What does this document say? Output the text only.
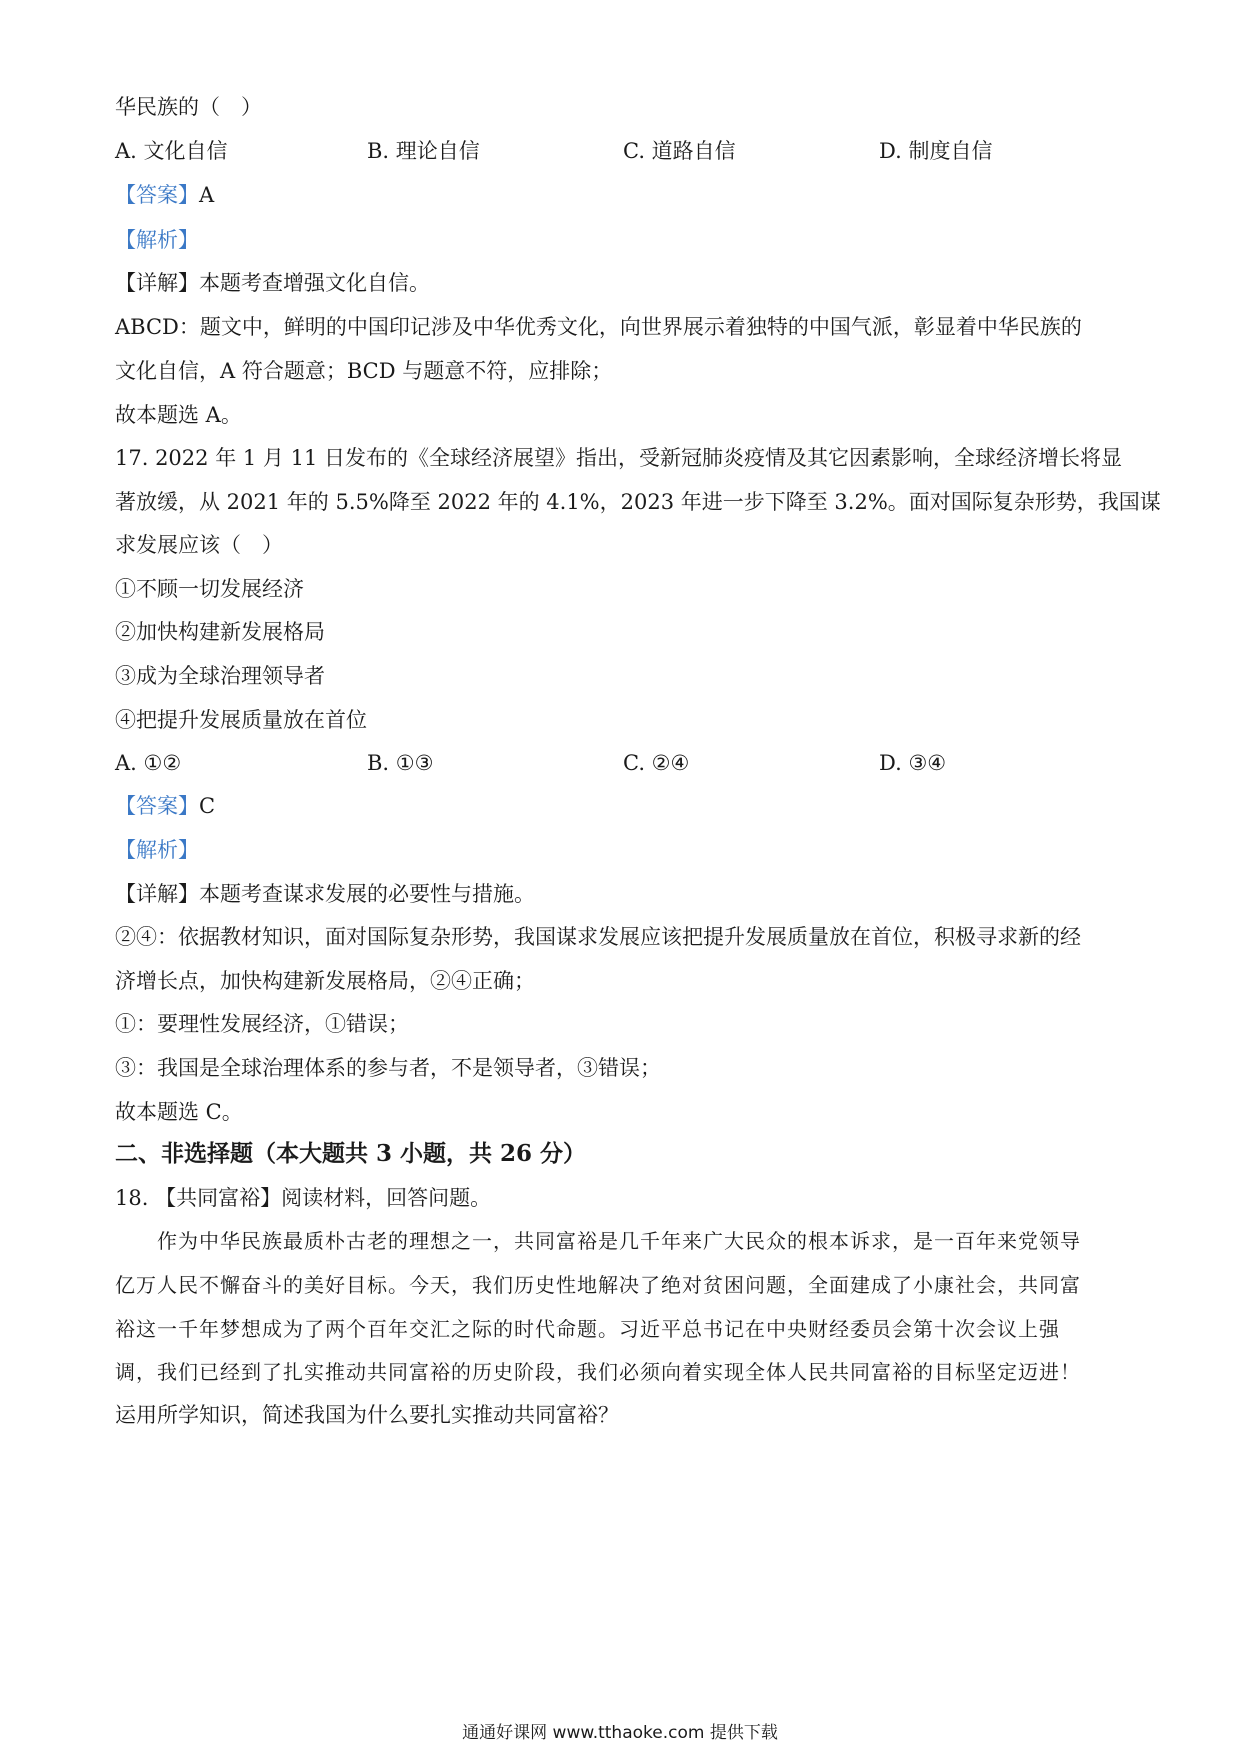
华民族的（　）
A. 文化自信	B. 理论自信	C. 道路自信	D. 制度自信
【答案】A
【解析】
【详解】本题考查增强文化自信。
ABCD：题文中，鲜明的中国印记涉及中华优秀文化，向世界展示着独特的中国气派，彰显着中华民族的
文化自信，A 符合题意；BCD 与题意不符，应排除；
故本题选 A。
17. 2022 年 1 月 11 日发布的《全球经济展望》指出，受新冠肺炎疫情及其它因素影响，全球经济增长将显
著放缓，从 2021 年的 5.5%降至 2022 年的 4.1%，2023 年进一步下降至 3.2%。面对国际复杂形势，我国谋
求发展应该（　）
①不顾一切发展经济
②加快构建新发展格局
③成为全球治理领导者
④把提升发展质量放在首位
A. ①②	B. ①③	C. ②④	D. ③④
【答案】C
【解析】
【详解】本题考查谋求发展的必要性与措施。
②④：依据教材知识，面对国际复杂形势，我国谋求发展应该把提升发展质量放在首位，积极寻求新的经
济增长点，加快构建新发展格局，②④正确；
①：要理性发展经济，①错误；
③：我国是全球治理体系的参与者，不是领导者，③错误；
故本题选 C。
二、非选择题（本大题共 3 小题，共 26 分）
18. 【共同富裕】阅读材料，回答问题。
作为中华民族最质朴古老的理想之一，共同富裕是几千年来广大民众的根本诉求，是一百年来党领导
亿万人民不懈奋斗的美好目标。今天，我们历史性地解决了绝对贫困问题，全面建成了小康社会，共同富
裕这一千年梦想成为了两个百年交汇之际的时代命题。习近平总书记在中央财经委员会第十次会议上强
调，我们已经到了扎实推动共同富裕的历史阶段，我们必须向着实现全体人民共同富裕的目标坚定迈进！
运用所学知识，简述我国为什么要扎实推动共同富裕？
通通好课网 www.tthaoke.com 提供下载
